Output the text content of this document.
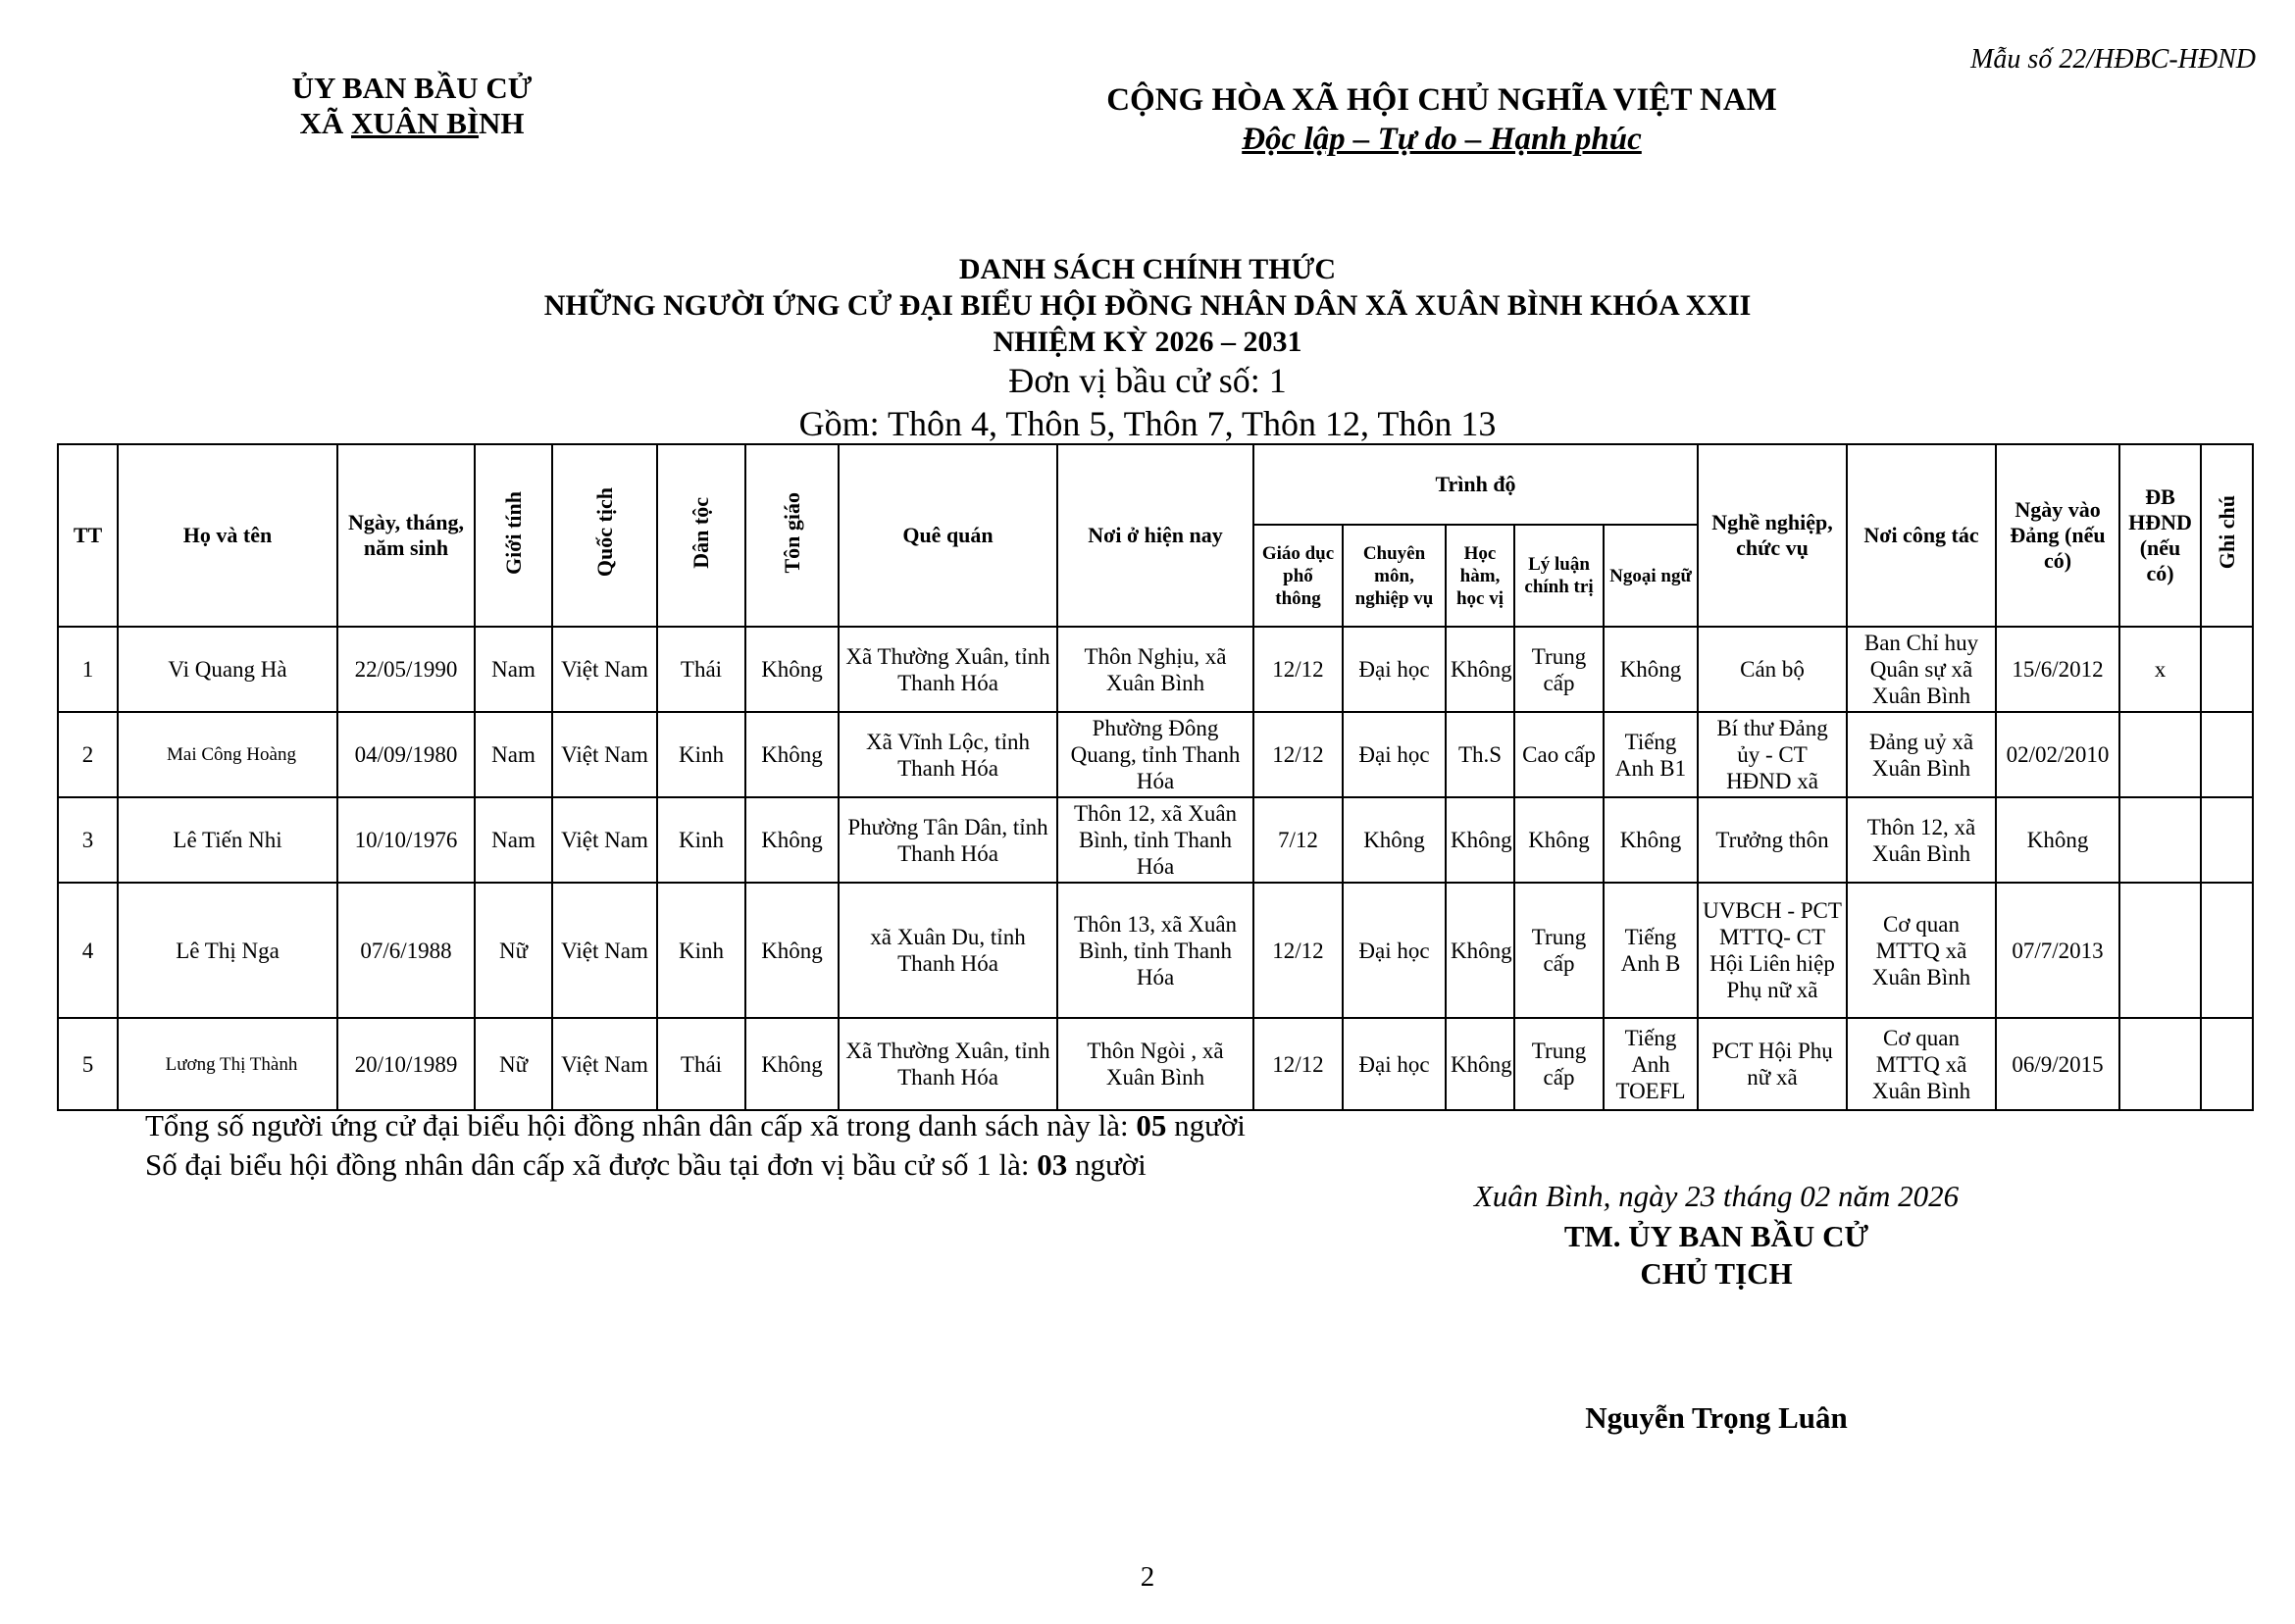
Mẫu số 22/HĐBC-HĐND
ỦY BAN BẦU CỬ
XÃ XUÂN BÌNH
CỘNG HÒA XÃ HỘI CHỦ NGHĨA VIỆT NAM
Độc lập – Tự do – Hạnh phúc
DANH SÁCH CHÍNH THỨC
NHỮNG NGƯỜI ỨNG CỬ ĐẠI BIỂU HỘI ĐỒNG NHÂN DÂN XÃ XUÂN BÌNH KHÓA XXII
NHIỆM KỲ 2026 – 2031
Đơn vị bầu cử số: 1
Gồm: Thôn 4, Thôn 5, Thôn 7, Thôn 12, Thôn 13
TT	Họ và tên	Ngày, tháng, năm sinh	Giới tính	Quốc tịch	Dân tộc	Tôn giáo	Quê quán	Nơi ở hiện nay	Trình độ					Nghề nghiệp, chức vụ	Nơi công tác	Ngày vào Đảng (nếu có)	ĐB HĐND (nếu có)	Ghi chú
									Giáo dục phổ thông	Chuyên môn, nghiệp vụ	Học hàm, học vị	Lý luận chính trị	Ngoại ngữ					
1	Vi Quang Hà	22/05/1990	Nam	Việt Nam	Thái	Không	Xã Thường Xuân, tỉnh Thanh Hóa	Thôn Nghịu, xã Xuân Bình	12/12	Đại học	Không	Trung cấp	Không	Cán bộ	Ban Chỉ huy Quân sự xã Xuân Bình	15/6/2012	x	
2	Mai Công Hoàng	04/09/1980	Nam	Việt Nam	Kinh	Không	Xã Vĩnh Lộc, tỉnh Thanh Hóa	Phường Đông Quang, tỉnh Thanh Hóa	12/12	Đại học	Th.S	Cao cấp	Tiếng Anh B1	Bí thư Đảng ủy - CT HĐND xã	Đảng uỷ xã Xuân Bình	02/02/2010		
3	Lê Tiến Nhi	10/10/1976	Nam	Việt Nam	Kinh	Không	Phường Tân Dân, tỉnh Thanh Hóa	Thôn 12, xã Xuân Bình, tỉnh Thanh Hóa	7/12	Không	Không	Không	Không	Trưởng thôn	Thôn 12, xã Xuân Bình	Không		
4	Lê Thị Nga	07/6/1988	Nữ	Việt Nam	Kinh	Không	xã Xuân Du, tỉnh Thanh Hóa	Thôn 13, xã Xuân Bình, tỉnh Thanh Hóa	12/12	Đại học	Không	Trung cấp	Tiếng Anh B	UVBCH - PCT MTTQ- CT Hội Liên hiệp Phụ nữ xã	Cơ quan MTTQ xã Xuân Bình	07/7/2013		
5	Lương Thị Thành	20/10/1989	Nữ	Việt Nam	Thái	Không	Xã Thường Xuân, tỉnh Thanh Hóa	Thôn Ngòi , xã Xuân Bình	12/12	Đại học	Không	Trung cấp	Tiếng Anh TOEFL	PCT Hội Phụ nữ xã	Cơ quan MTTQ xã Xuân Bình	06/9/2015		
Tổng số người ứng cử đại biểu hội đồng nhân dân cấp xã trong danh sách này là: 05 người
Số đại biểu hội đồng nhân dân cấp xã được bầu tại đơn vị bầu cử số 1 là: 03 người
Xuân Bình, ngày 23 tháng 02 năm 2026
TM. ỦY BAN BẦU CỬ
CHỦ TỊCH
Nguyễn Trọng Luân
2
